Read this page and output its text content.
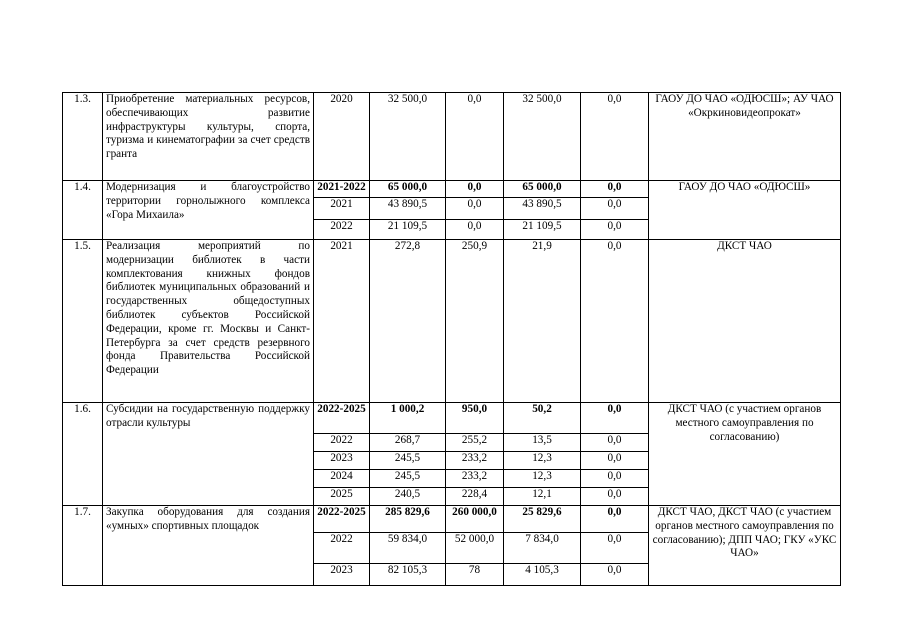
1.3.	Приобретение материальных ресурсов, обеспечивающих развитие инфраструктуры культуры, спорта, туризма и кинематографии за счет средств гранта	2020	32 500,0	0,0	32 500,0	0,0	ГАОУ ДО ЧАО «ОДЮСШ»; АУ ЧАО «Окркиновидеопрокат»
1.4.	Модернизация и благоустройство территории горнолыжного комплекса «Гора Михаила»	2021-2022	65 000,0	0,0	65 000,0	0,0	ГАОУ ДО ЧАО «ОДЮСШ»
		2021	43 890,5	0,0	43 890,5	0,0	
		2022	21 109,5	0,0	21 109,5	0,0	
1.5.	Реализация мероприятий по модернизации библиотек в части комплектования книжных фондов библиотек муниципальных образований и государственных общедоступных библиотек субъектов Российской Федерации, кроме гг. Москвы и Санкт-Петербурга за счет средств резервного фонда Правительства Российской Федерации	2021	272,8	250,9	21,9	0,0	ДКСТ ЧАО
1.6.	Субсидии на государственную поддержку отрасли культуры	2022-2025	1 000,2	950,0	50,2	0,0	ДКСТ ЧАО (с участием органов местного самоуправления по согласованию)
		2022	268,7	255,2	13,5	0,0	
		2023	245,5	233,2	12,3	0,0	
		2024	245,5	233,2	12,3	0,0	
		2025	240,5	228,4	12,1	0,0	
1.7.	Закупка оборудования для создания «умных» спортивных площадок	2022-2025	285 829,6	260 000,0	25 829,6	0,0	ДКСТ ЧАО, ДКСТ ЧАО (с участием органов местного самоуправления по согласованию); ДПП ЧАО; ГКУ «УКС ЧАО»
		2022	59 834,0	52 000,0	7 834,0	0,0	
		2023	82 105,3	78	4 105,3	0,0	
